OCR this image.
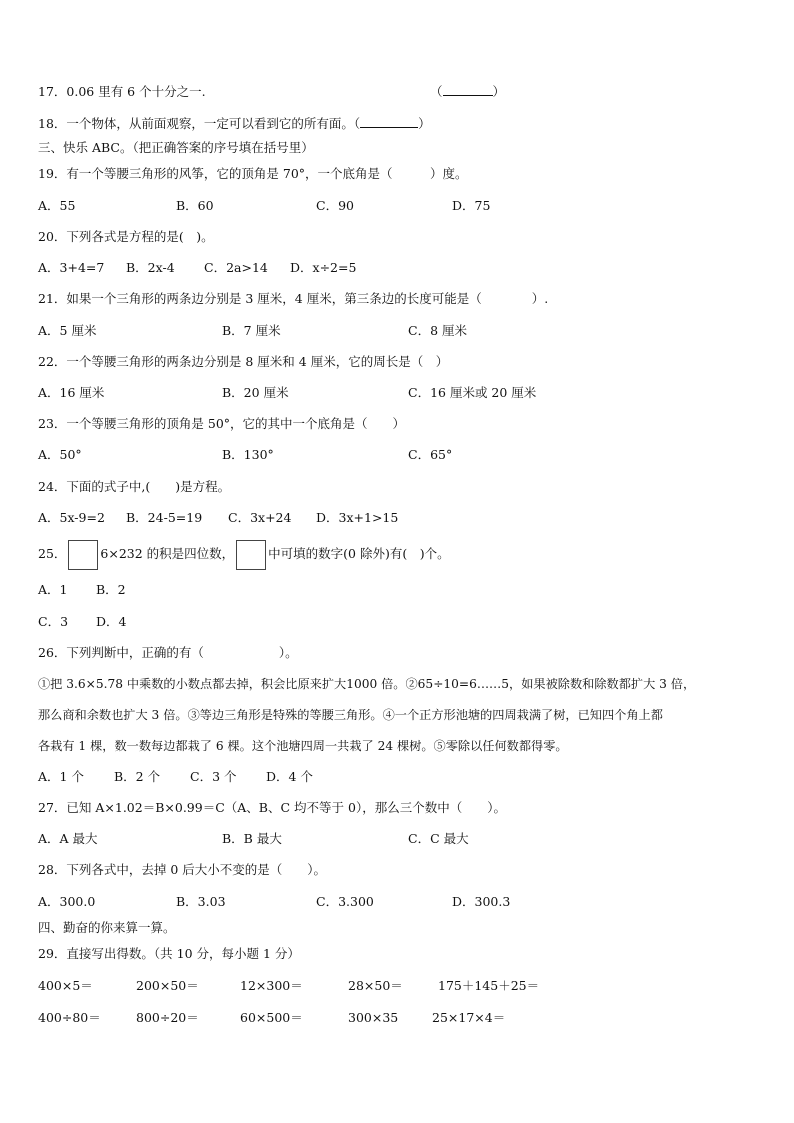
17．0.06 里有 6 个十分之一.	（	）
18．一个物体，从前面观察，一定可以看到它的所有面。（	）
三、快乐 ABC。（把正确答案的序号填在括号里）
19．有一个等腰三角形的风筝，它的顶角是 70°，一个底角是（　　　）度。
A．55	B．60	C．90	D．75
20．下列各式是方程的是(　)。
A．3+4=7 B．2x-4 C．2a>14 D．x÷2=5
21．如果一个三角形的两条边分别是 3 厘米，4 厘米，第三条边的长度可能是（　　　　）.
A．5 厘米	B．7 厘米	C．8 厘米
22．一个等腰三角形的两条边分别是 8 厘米和 4 厘米，它的周长是（　）
A．16 厘米	B．20 厘米	C．16 厘米或 20 厘米
23．一个等腰三角形的顶角是 50°，它的其中一个底角是（　　）
A．50°	B．130°	C．65°
24．下面的式子中,(　　)是方程。
A．5x-9=2 B．24-5=19 C．3x+24 D．3x+1>15
25．	6×232 的积是四位数，	中可填的数字(0 除外)有(　)个。
A．1 B．2
C．3 D．4
26．下列判断中，正确的有（　　　　　　）。
①把 3.6×5.78 中乘数的小数点都去掉，积会比原来扩大1000 倍。②65÷10=6……5，如果被除数和除数都扩大 3 倍，
那么商和余数也扩大 3 倍。③等边三角形是特殊的等腰三角形。④一个正方形池塘的四周栽满了树，已知四个角上都
各栽有 1 棵，数一数每边都栽了 6 棵。这个池塘四周一共栽了 24 棵树。⑤零除以任何数都得零。
A．1 个 B．2 个 C．3 个 D．4 个
27．已知 A×1.02＝B×0.99＝C（A、B、C 均不等于 0），那么三个数中（　　）。
A．A 最大	B．B 最大	C．C 最大
28．下列各式中，去掉 0 后大小不变的是（　　）。
A．300.0	B．3.03	C．3.300	D．300.3
四、勤奋的你来算一算。
29．直接写出得数。（共 10 分，每小题 1 分）
400×5＝	200×50＝	12×300＝	28×50＝	175＋145＋25＝
400÷80＝	800÷20＝	60×500＝	300×35	25×17×4＝
